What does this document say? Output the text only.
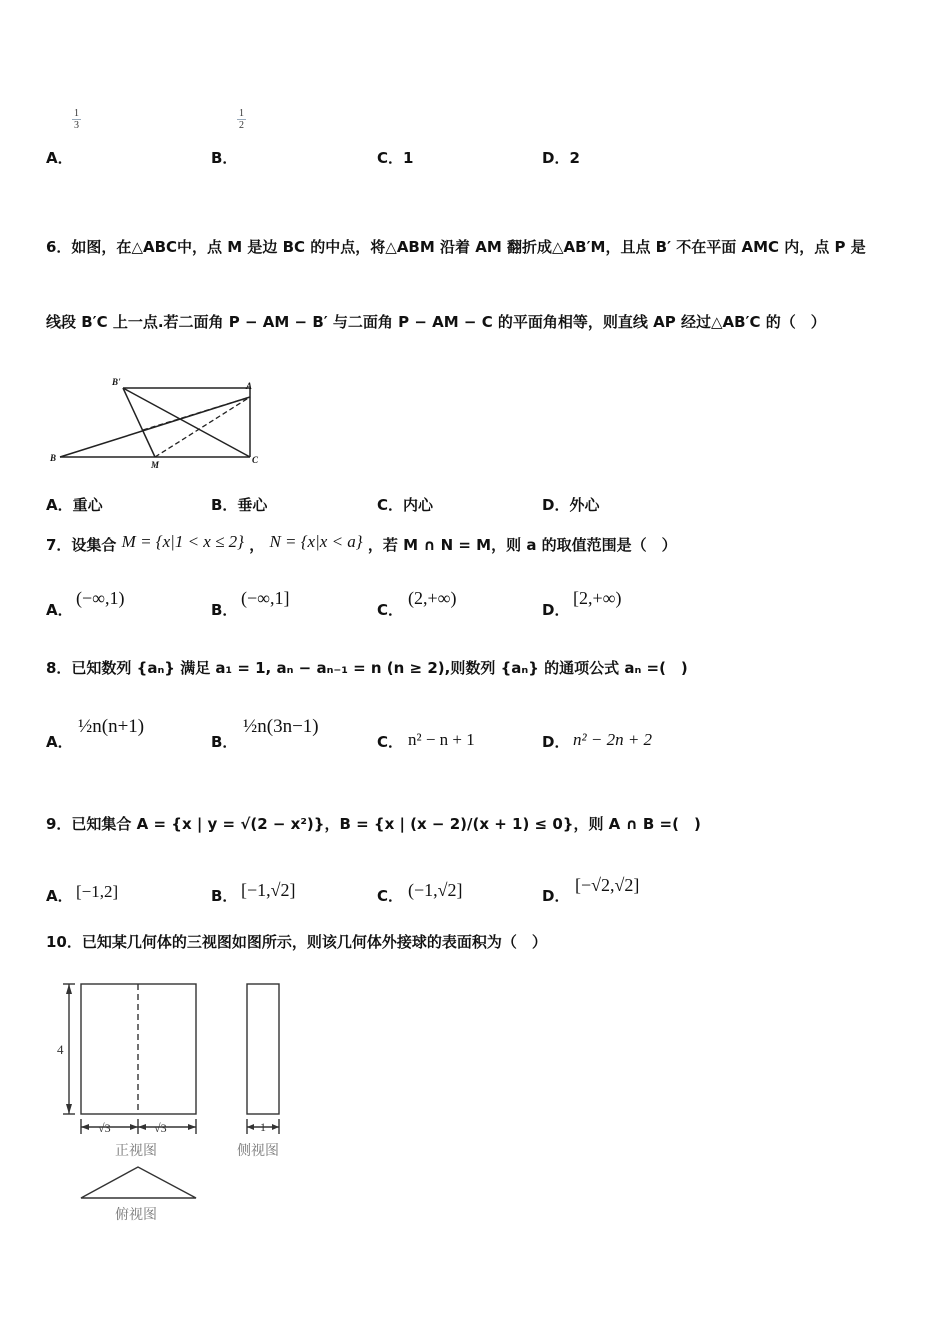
$\frac{1}{3}$	$\frac{1}{2}$
A．	B．	C．1	D．2
6．如图，在△ABC中，点 M 是边 BC 的中点，将△ABM 沿着 AM 翻折成△AB′M，且点 B′ 不在平面 AMC 内，点 P 是
线段 B′C 上一点.若二面角 P − AM − B′ 与二面角 P − AM − C 的平面角相等，则直线 AP 经过△AB′C 的（　）
B'	A
B
M	C
A．重心	B．垂心	C．内心	D．外心
7．设集合 M = {x|1 < x ≤ 2} ， N = {x|x < a} ，若 M ∩ N = M，则 a 的取值范围是（　）
A．
(−∞,1)
B．
(−∞,1]
C．
(2,+∞)
D．
[2,+∞)
8．已知数列 {aₙ} 满足 a₁ = 1, aₙ − aₙ₋₁ = n (n ≥ 2),则数列 {aₙ} 的通项公式 aₙ =(　)
A．
½n(n+1)
B．
½n(3n−1)
C． n² − n + 1	D． n² − 2n + 2
9．已知集合 A = {x | y = √(2 − x²)}，B = {x | (x − 2)/(x + 1) ≤ 0}，则 A ∩ B =(　)
A． [−1,2]	B． [−1,√2]	C． (−1,√2]	D．
[−√2,√2]
10．已知某几何体的三视图如图所示，则该几何体外接球的表面积为（　）
4
√3	√3	1
正视图	侧视图
俯视图
